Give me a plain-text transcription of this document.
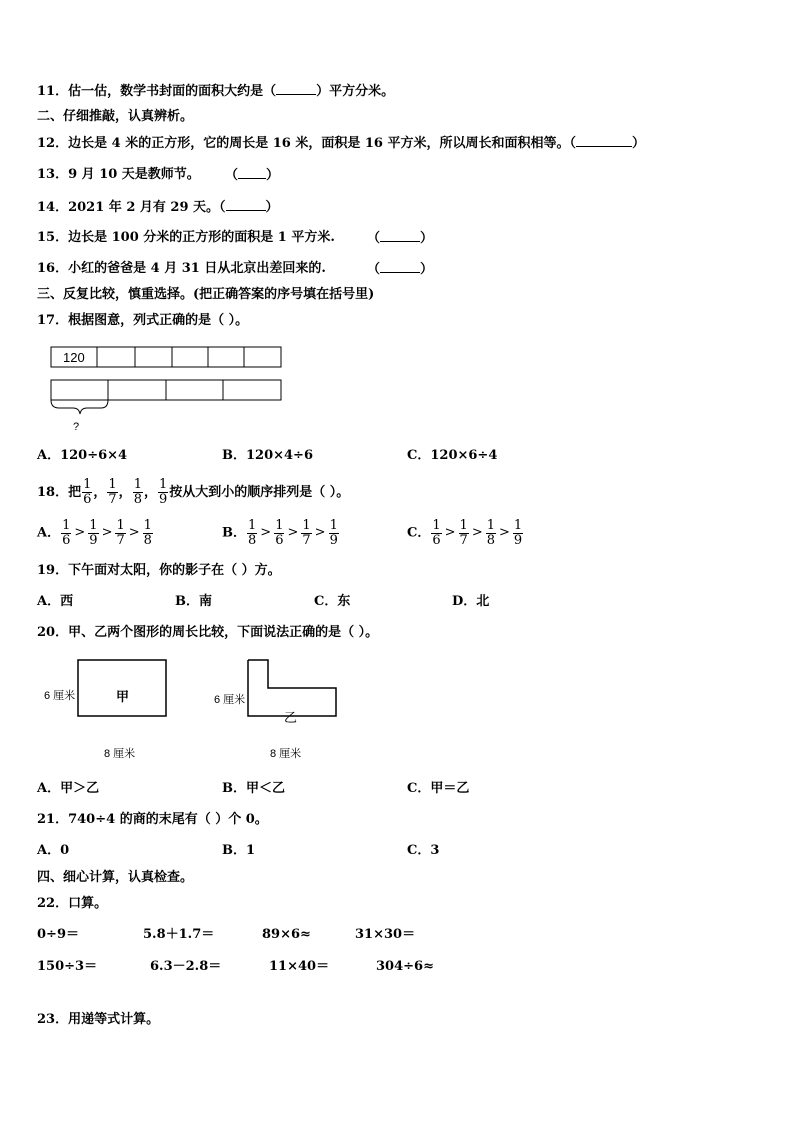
11．估一估，数学书封面的面积大约是（	）平方分米。
二、仔细推敲，认真辨析。
12．边长是 4 米的正方形，它的周长是 16 米，面积是 16 平方米，所以周长和面积相等。（	）
13．9 月 10 天是教师节。 （ ）
14．2021 年 2 月有 29 天。（	）
15．边长是 100 分米的正方形的面积是 1 平方米. （	）
16．小红的爸爸是 4 月 31 日从北京出差回来的.	（	）
三、反复比较，慎重选择。(把正确答案的序号填在括号里)
17．根据图意，列式正确的是（ ）。
120
?
A．120÷6×4	B．120×4÷6	C．120×6÷4
18．把 $\frac{1}{6}$ ， $\frac{1}{7}$ ， $\frac{1}{8}$ ， $\frac{1}{9}$ 按从大到小的顺序排列是（ ）。
A． $\frac{1}{6} > \frac{1}{9} > \frac{1}{7} > \frac{1}{8}$	B． $\frac{1}{8} > \frac{1}{6} > \frac{1}{7} > \frac{1}{9}$	C． $\frac{1}{6} > \frac{1}{7} > \frac{1}{8} > \frac{1}{9}$
19．下午面对太阳，你的影子在（ ）方。
A．西	B．南	C．东	D．北
20．甲、乙两个图形的周长比较，下面说法正确的是（ ）。
6 厘米	甲
8 厘米
6 厘米
乙
8 厘米
A．甲＞乙	B．甲＜乙	C．甲＝乙
21．740÷4 的商的末尾有（ ）个 0。
A．0	B．1	C．3
四、细心计算，认真检查。
22．口算。
0÷9＝	5.8＋1.7＝	89×6≈	31×30＝
150÷3＝	6.3－2.8＝	11×40＝	304÷6≈
23．用递等式计算。
